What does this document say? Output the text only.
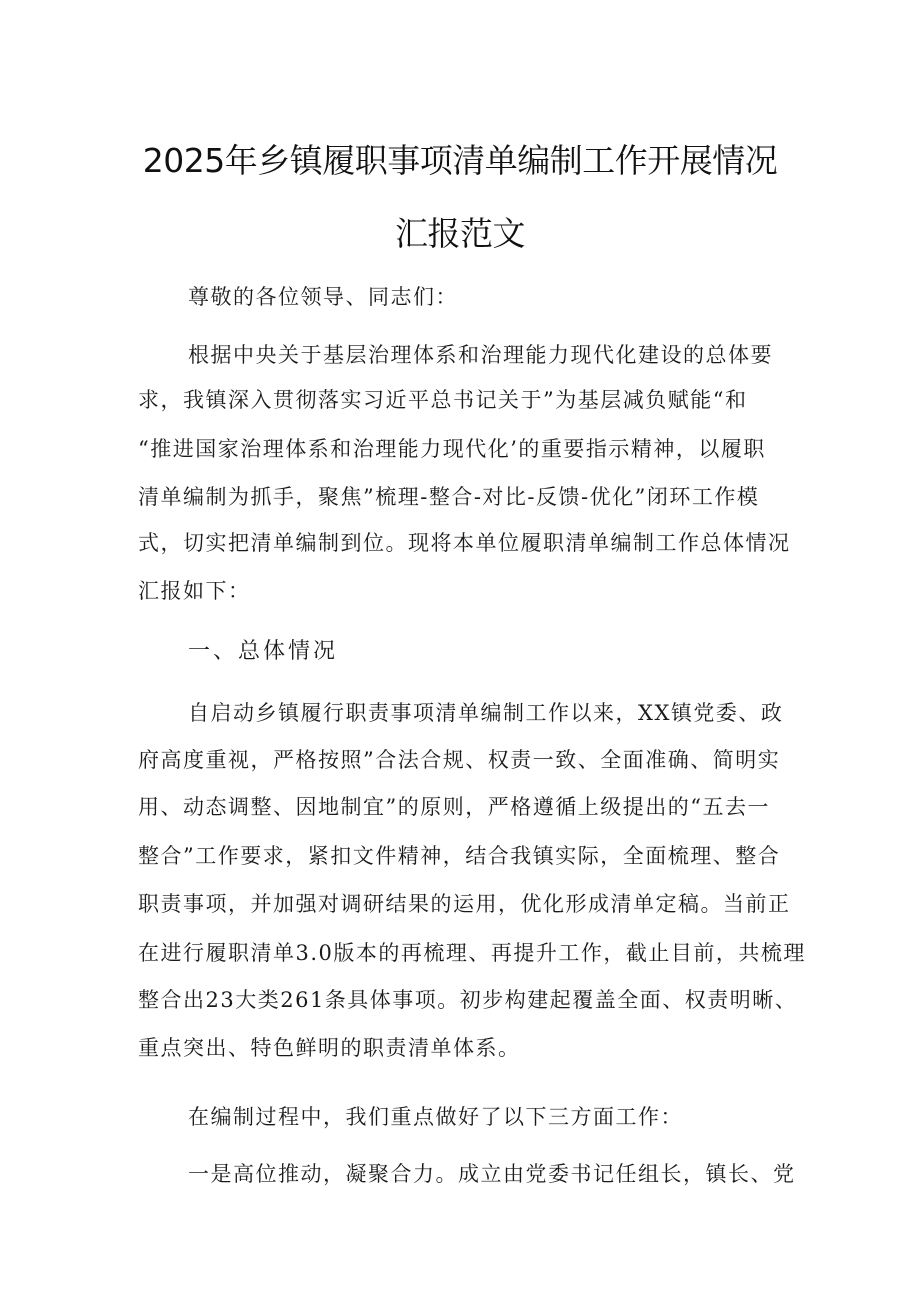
2025年乡镇履职事项清单编制工作开展情况
汇报范文
尊敬的各位领导、同志们：
根据中央关于基层治理体系和治理能力现代化建设的总体要
求，我镇深入贯彻落实习近平总书记关于”为基层减负赋能“和
“推进国家治理体系和治理能力现代化’的重要指示精神，以履职
清单编制为抓手，聚焦”梳理-整合-对比-反馈-优化”闭环工作模
式，切实把清单编制到位。现将本单位履职清单编制工作总体情况
汇报如下：
一、总体情况
自启动乡镇履行职责事项清单编制工作以来，XX镇党委、政
府高度重视，严格按照”合法合规、权责一致、全面准确、简明实
用、动态调整、因地制宜”的原则，严格遵循上级提出的“五去一
整合”工作要求，紧扣文件精神，结合我镇实际，全面梳理、整合
职责事项，并加强对调研结果的运用，优化形成清单定稿。当前正
在进行履职清单3.0版本的再梳理、再提升工作，截止目前，共梳理
整合出23大类261条具体事项。初步构建起覆盖全面、权责明晰、
重点突出、特色鲜明的职责清单体系。
在编制过程中，我们重点做好了以下三方面工作：
一是高位推动，凝聚合力。成立由党委书记任组长，镇长、党
